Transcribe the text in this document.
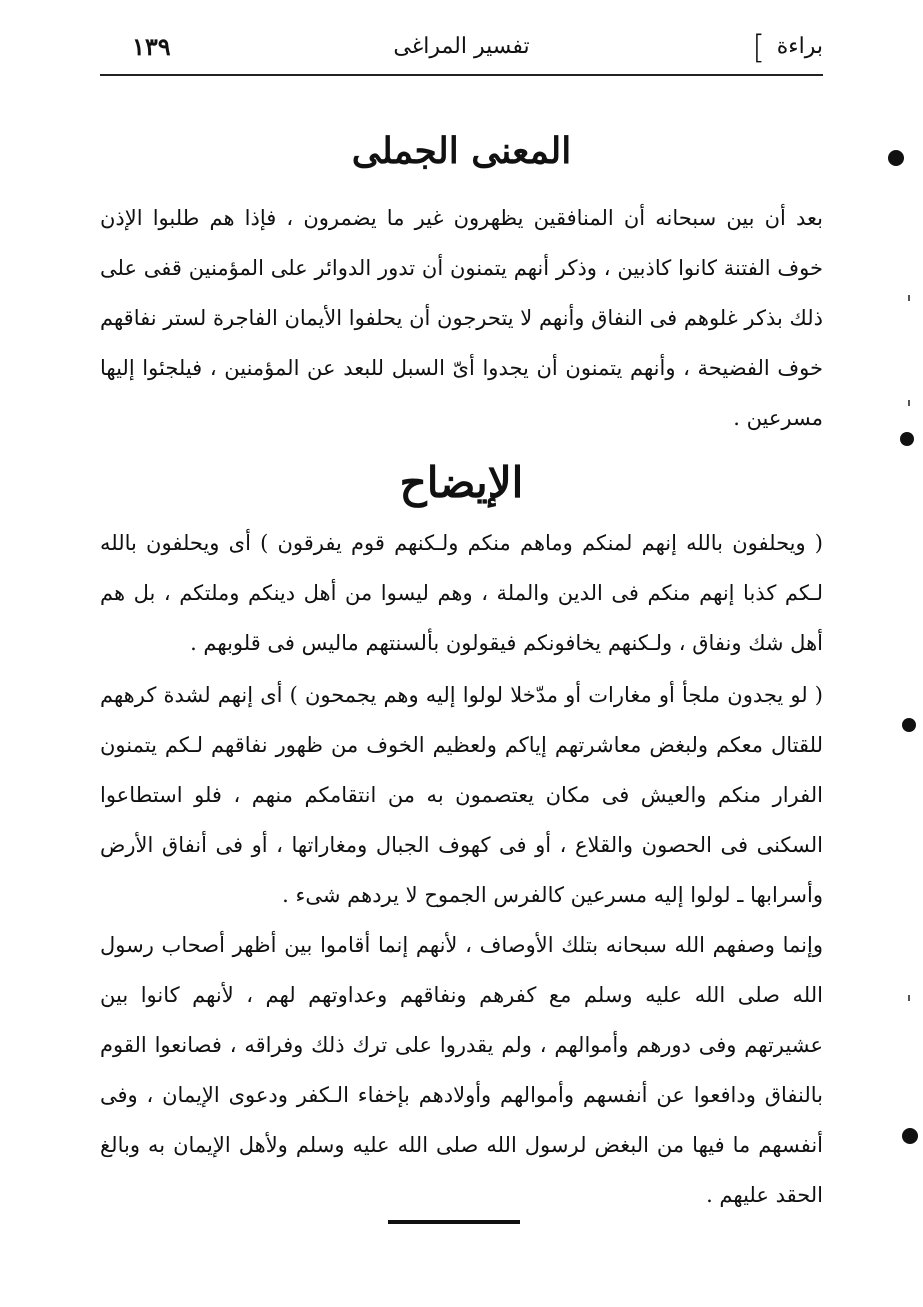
براءة
]
تفسير المراغى
١٣٩
المعنى الجملى
بعد أن بين سبحانه أن المنافقين يظهرون غير ما يضمرون ، فإذا هم طلبوا الإذن خوف الفتنة كانوا كاذبين ، وذكر أنهم يتمنون أن تدور الدوائر على المؤمنين قفى على ذلك بذكر غلوهم فى النفاق وأنهم لا يتحرجون أن يحلفوا الأيمان الفاجرة لستر نفاقهم خوف الفضيحة ، وأنهم يتمنون أن يجدوا أىّ السبل للبعد عن المؤمنين ، فيلجئوا إليها مسرعين .
الإيضاح
( ويحلفون بالله إنهم لمنكم وماهم منكم ولـكنهم قوم يفرقون ) أى ويحلفون بالله لـكم كذبا إنهم منكم فى الدين والملة ، وهم ليسوا من أهل دينكم وملتكم ، بل هم أهل شك ونفاق ، ولـكنهم يخافونكم فيقولون بألسنتهم ماليس فى قلوبهم .
( لو يجدون ملجأ أو مغارات أو مدّخلا لولوا إليه وهم يجمحون ) أى إنهم لشدة كرههم للقتال معكم ولبغض معاشرتهم إياكم ولعظيم الخوف من ظهور نفاقهم لـكم يتمنون الفرار منكم والعيش فى مكان يعتصمون به من انتقامكم منهم ، فلو استطاعوا السكنى فى الحصون والقلاع ، أو فى كهوف الجبال ومغاراتها ، أو فى أنفاق الأرض وأسرابها ـ لولوا إليه مسرعين كالفرس الجموح لا يردهم شىء .
وإنما وصفهم الله سبحانه بتلك الأوصاف ، لأنهم إنما أقاموا بين أظهر أصحاب رسول الله صلى الله عليه وسلم مع كفرهم ونفاقهم وعداوتهم لهم ، لأنهم كانوا بين عشيرتهم وفى دورهم وأموالهم ، ولم يقدروا على ترك ذلك وفراقه ، فصانعوا القوم بالنفاق ودافعوا عن أنفسهم وأموالهم وأولادهم بإخفاء الـكفر ودعوى الإيمان ، وفى أنفسهم ما فيها من البغض لرسول الله صلى الله عليه وسلم ولأهل الإيمان به وبالغ الحقد عليهم .
